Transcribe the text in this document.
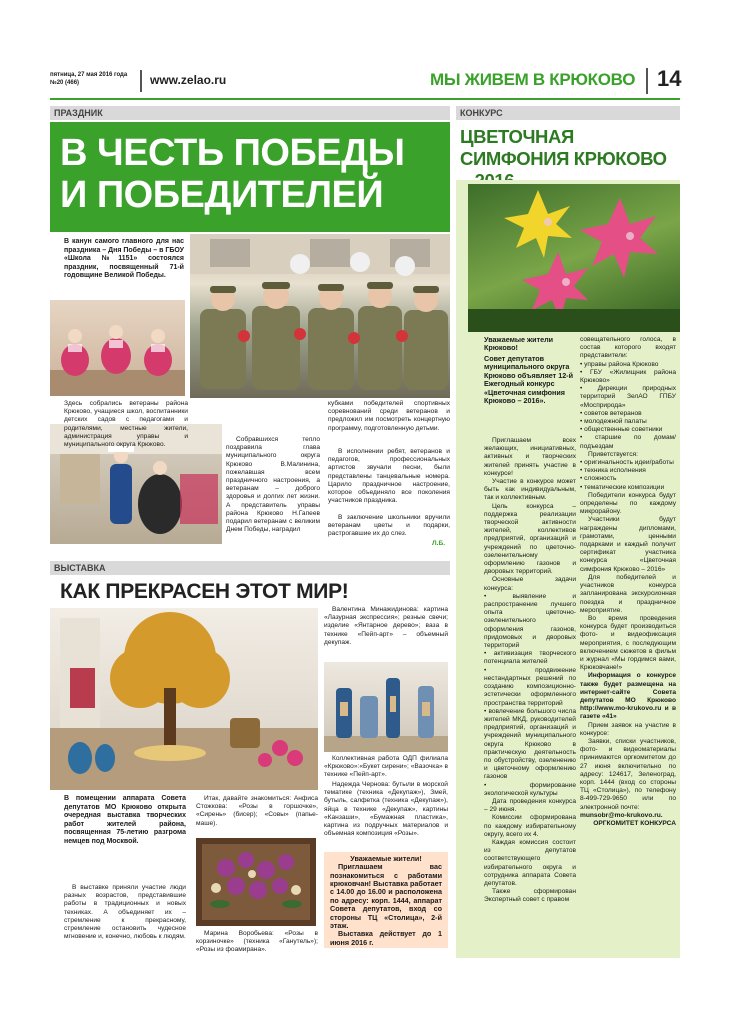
пятница, 27 мая 2016 года
№20 (466)	www.zelao.ru	МЫ ЖИВЕМ В КРЮКОВО 14
ПРАЗДНИК
В ЧЕСТЬ ПОБЕДЫ
И ПОБЕДИТЕЛЕЙ
В канун самого главного для нас праздника – Дня Победы – в ГБОУ «Школа №1151» состоялся праздник, посвященный 71-й годовщине Великой Победы.
Здесь собрались ветераны района Крюково, учащиеся школ, воспитанники детских садов с педагогами и родителями, местные жители, администрация управы и муниципального округа Крюково.
Собравшихся тепло поздравила глава муниципального округа Крюково В.Малинина, пожелавшая всем праздничного настроения, а ветеранам – доброго здоровья и долгих лет жизни. А представитель управы района Крюково Н.Гапеев подарил ветеранам с великим Днем Победы, наградил
кубками победителей спортивных соревнований среди ветеранов и предложил им посмотреть концертную программу, подготовленную детьми.
В исполнении ребят, ветеранов и педагогов, профессиональных артистов звучали песни, были представлены танцевальные номера. Царило праздничное настроение, которое объединяло все поколения участников праздника.
В заключение школьники вручили ветеранам цветы и подарки, растрогавшие их до слез.
Л.Б.
ВЫСТАВКА
КАК ПРЕКРАСЕН ЭТОТ МИР!
В помещении аппарата Совета депутатов МО Крюково открыта очередная выставка творческих работ жителей района, посвященная 75-летию разгрома немцев под Москвой.
В выставке приняли участие люди разных возрастов, представившие работы в традиционных и новых техниках. А объединяет их – стремление к прекрасному, стремление остановить чудесное мгновение и, конечно, любовь к людям.
Итак, давайте знакомиться: Анфиса Стожкова: «Розы в горшочке», «Сирень» (бисер); «Совы» (папье-маше).
Марина Воробьева: «Розы в корзиночке» (техника «Ганутель»); «Розы из фоамирана».
Валентина Минажидинова: картина «Лазурная экспрессия»; резные свечи; изделие «Янтарное дерево»; ваза в технике «Пейп-арт» – объемный декупаж.
Коллективная работа ОДП филиала «Крюково»:«Букет сирени»; «Вазочка» в технике «Пейп-арт».
Надежда Чернова: бутыли в морской тематике (техника «Декупаж»), Змей, бутыль, салфетка (техника «Декупаж»), яйца в технике «Декупаж», картины «Канзаши», «Бумажная пластика», картина из подручных материалов и объемная композиция «Розы».
Уважаемые жители!
Приглашаем вас познакомиться с работами крюковчан! Выставка работает с 14.00 до 16.00 и расположена по адресу: корп. 1444, аппарат Совета депутатов, вход со стороны ТЦ «Столица», 2-й этаж.
Выставка действует до 1 июня 2016 г.
КОНКУРС
ЦВЕТОЧНАЯ СИМФОНИЯ КРЮКОВО
Уважаемые жители Крюково!
Совет депутатов муниципального округа Крюково объявляет 12-й Ежегодный конкурс «Цветочная симфония Крюково – 2016».
Приглашаем всех желающих, инициативных, активных и творческих жителей принять участие в конкурсе!
Участие в конкурсе может быть как индивидуальным, так и коллективным.
Цель конкурса – поддержка реализации творческой активности жителей, коллективов предприятий, организаций и учреждений по цветочно-озеленительному оформлению газонов и дворовых территорий.
Основные задачи конкурса:
• выявление и распространение лучшего опыта цветочно-озеленительного оформления газонов, придомовых и дворовых территорий
• активизация творческого потенциала жителей
• продвижение нестандартных решений по созданию композиционно-эстетически оформленного пространства территорий
• вовлечение большого числа жителей МКД, руководителей предприятий, организаций и учреждений муниципального округа Крюково в практическую деятельность по обустройству, озеленению и цветочному оформлению газонов
• формирование экологической культуры
Дата проведения конкурса – 29 июня.
Комиссии сформирована по каждому избирательному округу, всего их 4.
Каждая комиссия состоит из депутатов соответствующего избирательного округа и сотрудника аппарата Совета депутатов.
Также сформирован Экспертный совет с правом
совещательного голоса, в состав которого входят представители:
• управы района Крюково
• ГБУ «Жилищник района Крюково»
• Дирекции природных территорий ЗелАО ГПБУ «Мосприрода»
• советов ветеранов
• молодежной палаты
• общественные советники
• старшие по домам/подъездам
Приветствуется:
• оригинальность идеи/работы
• техника исполнения
• сложность
• тематические композиции
Победители конкурса будут определены по каждому микрорайону.
Участники будут награждены дипломами, грамотами, ценными подарками и каждый получит сертификат участника конкурса «Цветочная симфония Крюково – 2016»
Для победителей и участников конкурса запланирована экскурсионная поездка и праздничное мероприятие.
Во время проведения конкурса будет производиться фото- и видеофиксация мероприятия, с последующим включением сюжетов в фильм и журнал «Мы гордимся вами, Крюковчане!»
Информация о конкурсе также будет размещена на интернет-сайте Совета депутатов МО Крюково http://www.mo-krukovo.ru и в газете «41»
Прием заявок на участие в конкурсе:
Заявки, списки участников, фото- и видеоматериалы принимаются оргкомитетом до 27 июня включительно по адресу: 124617, Зеленоград, корп. 1444 (вход со стороны ТЦ «Столица»), по телефону 8-499-729-9650 или по электронной почте:
munsobr@mo-krukovo.ru.
ОРГКОМИТЕТ КОНКУРСА
